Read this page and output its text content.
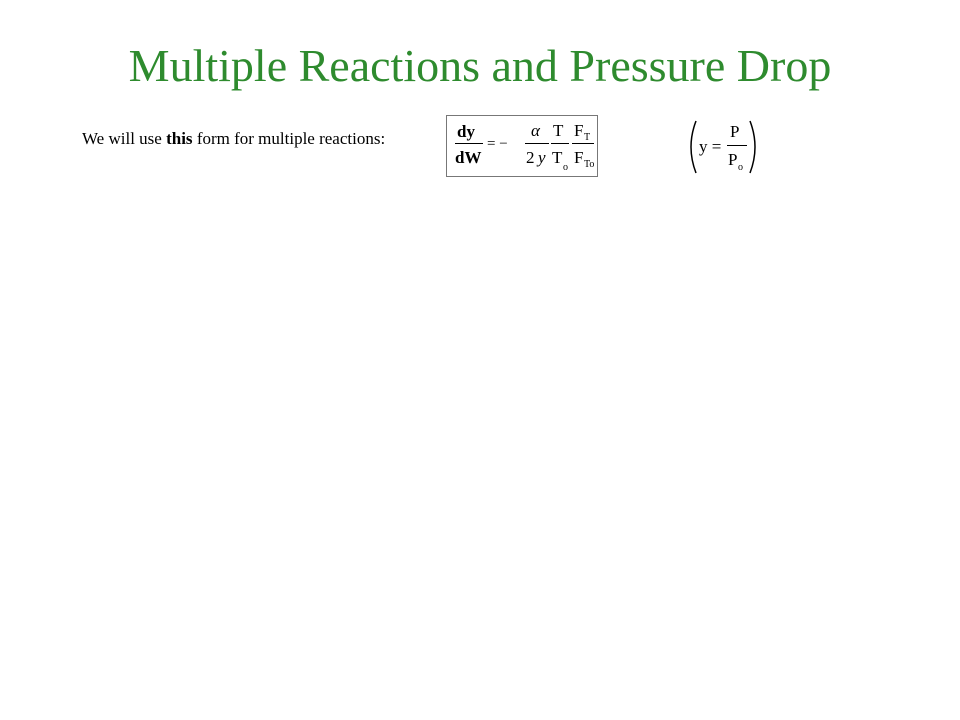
Multiple Reactions and Pressure Drop
We will use this form for multiple reactions:	dy
dW
= −
α
2 y
T
T
o
F T
F To
y =
P
P o
